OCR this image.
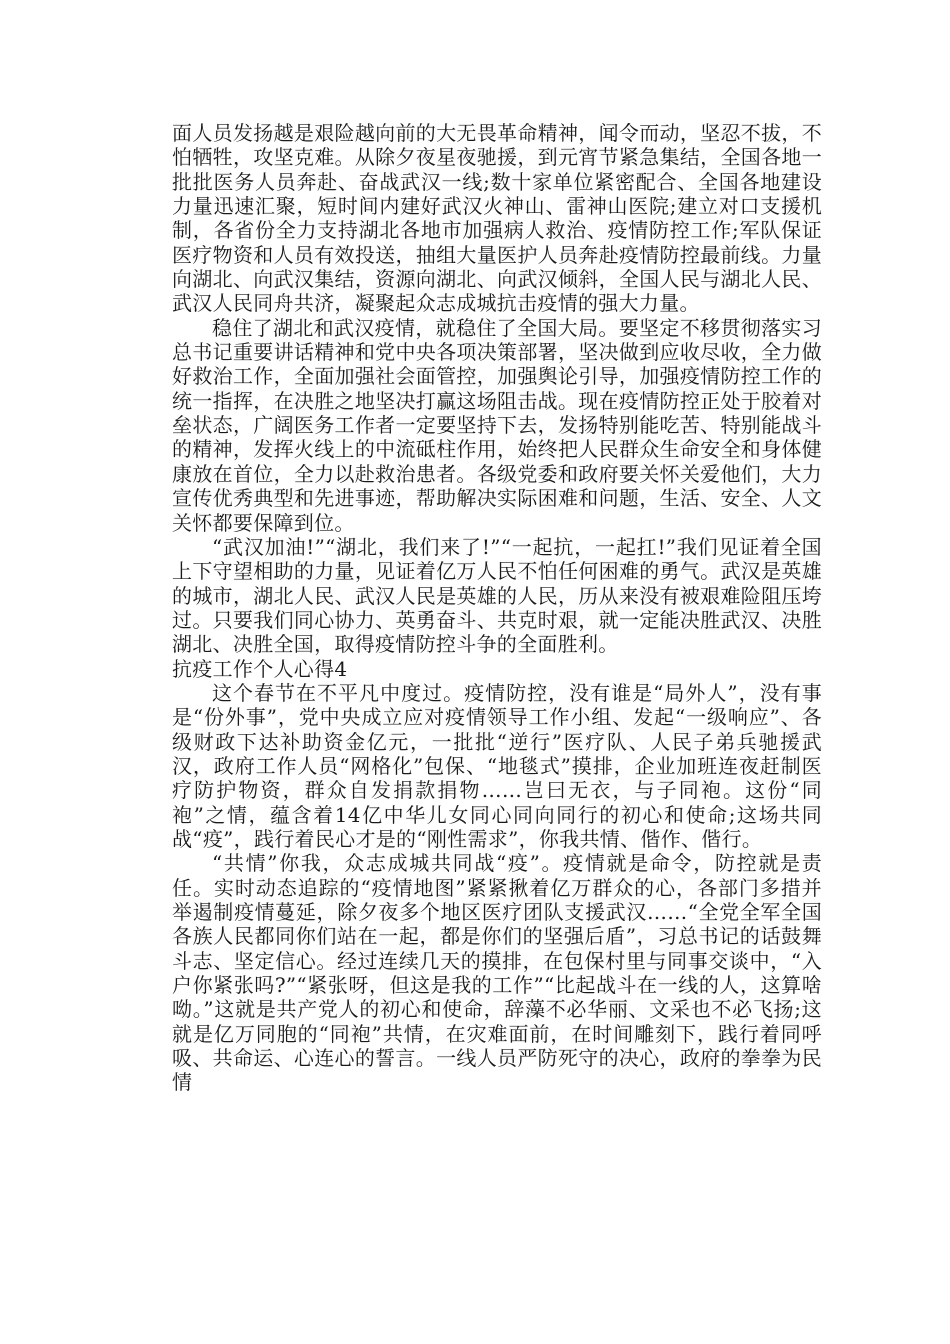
面人员发扬越是艰险越向前的大无畏革命精神，闻令而动，坚忍不拔，不怕牺牲，攻坚克难。从除夕夜星夜驰援，到元宵节紧急集结，全国各地一批批医务人员奔赴、奋战武汉一线;数十家单位紧密配合、全国各地建设力量迅速汇聚，短时间内建好武汉火神山、雷神山医院;建立对口支援机制，各省份全力支持湖北各地市加强病人救治、疫情防控工作;军队保证医疗物资和人员有效投送，抽组大量医护人员奔赴疫情防控最前线。力量向湖北、向武汉集结，资源向湖北、向武汉倾斜，全国人民与湖北人民、武汉人民同舟共济，凝聚起众志成城抗击疫情的强大力量。

稳住了湖北和武汉疫情，就稳住了全国大局。要坚定不移贯彻落实习总书记重要讲话精神和党中央各项决策部署，坚决做到应收尽收，全力做好救治工作，全面加强社会面管控，加强舆论引导，加强疫情防控工作的统一指挥，在决胜之地坚决打赢这场阻击战。现在疫情防控正处于胶着对垒状态，广阔医务工作者一定要坚持下去，发扬特别能吃苦、特别能战斗的精神，发挥火线上的中流砥柱作用，始终把人民群众生命安全和身体健康放在首位，全力以赴救治患者。各级党委和政府要关怀关爱他们，大力宣传优秀典型和先进事迹，帮助解决实际困难和问题，生活、安全、人文关怀都要保障到位。

“武汉加油!”“湖北，我们来了!”“一起抗，一起扛!”我们见证着全国上下守望相助的力量，见证着亿万人民不怕任何困难的勇气。武汉是英雄的城市，湖北人民、武汉人民是英雄的人民，历从来没有被艰难险阻压垮过。只要我们同心协力、英勇奋斗、共克时艰，就一定能决胜武汉、决胜湖北、决胜全国，取得疫情防控斗争的全面胜利。

抗疫工作个人心得4

这个春节在不平凡中度过。疫情防控，没有谁是“局外人”，没有事是“份外事”，党中央成立应对疫情领导工作小组、发起“一级响应”、各级财政下达补助资金亿元，一批批“逆行”医疗队、人民子弟兵驰援武汉，政府工作人员“网格化”包保、“地毯式”摸排，企业加班连夜赶制医疗防护物资，群众自发捐款捐物……岂曰无衣，与子同袍。这份“同袍”之情，蕴含着14亿中华儿女同心同向同行的初心和使命;这场共同战“疫”，践行着民心才是的“刚性需求”，你我共情、偕作、偕行。

“共情”你我，众志成城共同战“疫”。疫情就是命令，防控就是责任。实时动态追踪的“疫情地图”紧紧揪着亿万群众的心，各部门多措并举遏制疫情蔓延，除夕夜多个地区医疗团队支援武汉……“全党全军全国各族人民都同你们站在一起，都是你们的坚强后盾”，习总书记的话鼓舞斗志、坚定信心。经过连续几天的摸排，在包保村里与同事交谈中，“入户你紧张吗?”“紧张呀，但这是我的工作”“比起战斗在一线的人，这算啥呦。”这就是共产党人的初心和使命，辞藻不必华丽、文采也不必飞扬;这就是亿万同胞的“同袍”共情，在灾难面前，在时间雕刻下，践行着同呼吸、共命运、心连心的誓言。一线人员严防死守的决心，政府的拳拳为民情
